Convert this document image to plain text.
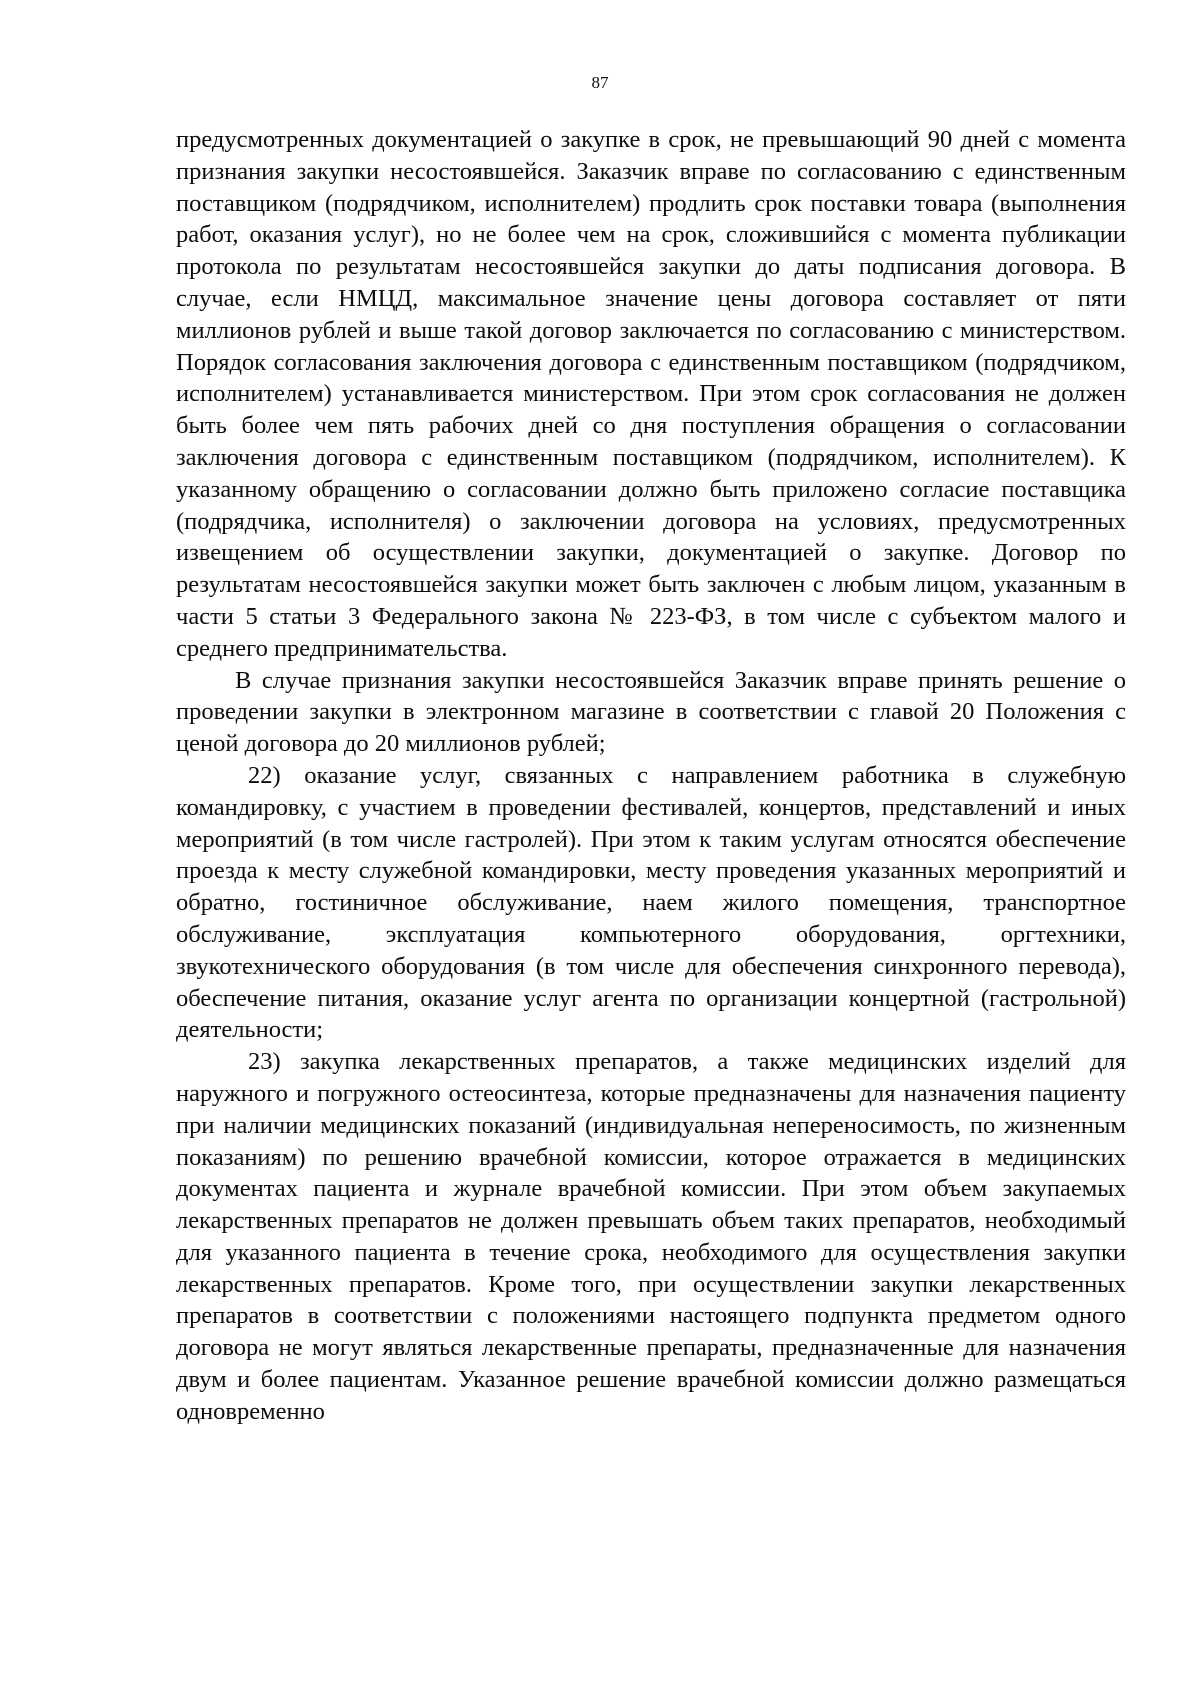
87

предусмотренных документацией о закупке в срок, не превышающий 90 дней с момента признания закупки несостоявшейся. Заказчик вправе по согласованию с единственным поставщиком (подрядчиком, исполнителем) продлить срок поставки товара (выполнения работ, оказания услуг), но не более чем на срок, сложившийся с момента публикации протокола по результатам несостоявшейся закупки до даты подписания договора. В случае, если НМЦД, максимальное значение цены договора составляет от пяти миллионов рублей и выше такой договор заключается по согласованию с министерством. Порядок согласования заключения договора с единственным поставщиком (подрядчиком, исполнителем) устанавливается министерством. При этом срок согласования не должен быть более чем пять рабочих дней со дня поступления обращения о согласовании заключения договора с единственным поставщиком (подрядчиком, исполнителем). К указанному обращению о согласовании должно быть приложено согласие поставщика (подрядчика, исполнителя) о заключении договора на условиях, предусмотренных извещением об осуществлении закупки, документацией о закупке. Договор по результатам несостоявшейся закупки может быть заключен с любым лицом, указанным в части 5 статьи 3 Федерального закона № 223-ФЗ, в том числе с субъектом малого и среднего предпринимательства.

В случае признания закупки несостоявшейся Заказчик вправе принять решение о проведении закупки в электронном магазине в соответствии с главой 20 Положения с ценой договора до 20 миллионов рублей;

22) оказание услуг, связанных с направлением работника в служебную командировку, с участием в проведении фестивалей, концертов, представлений и иных мероприятий (в том числе гастролей). При этом к таким услугам относятся обеспечение проезда к месту служебной командировки, месту проведения указанных мероприятий и обратно, гостиничное обслуживание, наем жилого помещения, транспортное обслуживание, эксплуатация компьютерного оборудования, оргтехники, звукотехнического оборудования (в том числе для обеспечения синхронного перевода), обеспечение питания, оказание услуг агента по организации концертной (гастрольной) деятельности;

23) закупка лекарственных препаратов, а также медицинских изделий для наружного и погружного остеосинтеза, которые предназначены для назначения пациенту при наличии медицинских показаний (индивидуальная непереносимость, по жизненным показаниям) по решению врачебной комиссии, которое отражается в медицинских документах пациента и журнале врачебной комиссии. При этом объем закупаемых лекарственных препаратов не должен превышать объем таких препаратов, необходимый для указанного пациента в течение срока, необходимого для осуществления закупки лекарственных препаратов. Кроме того, при осуществлении закупки лекарственных препаратов в соответствии с положениями настоящего подпункта предметом одного договора не могут являться лекарственные препараты, предназначенные для назначения двум и более пациентам. Указанное решение врачебной комиссии должно размещаться одновременно
